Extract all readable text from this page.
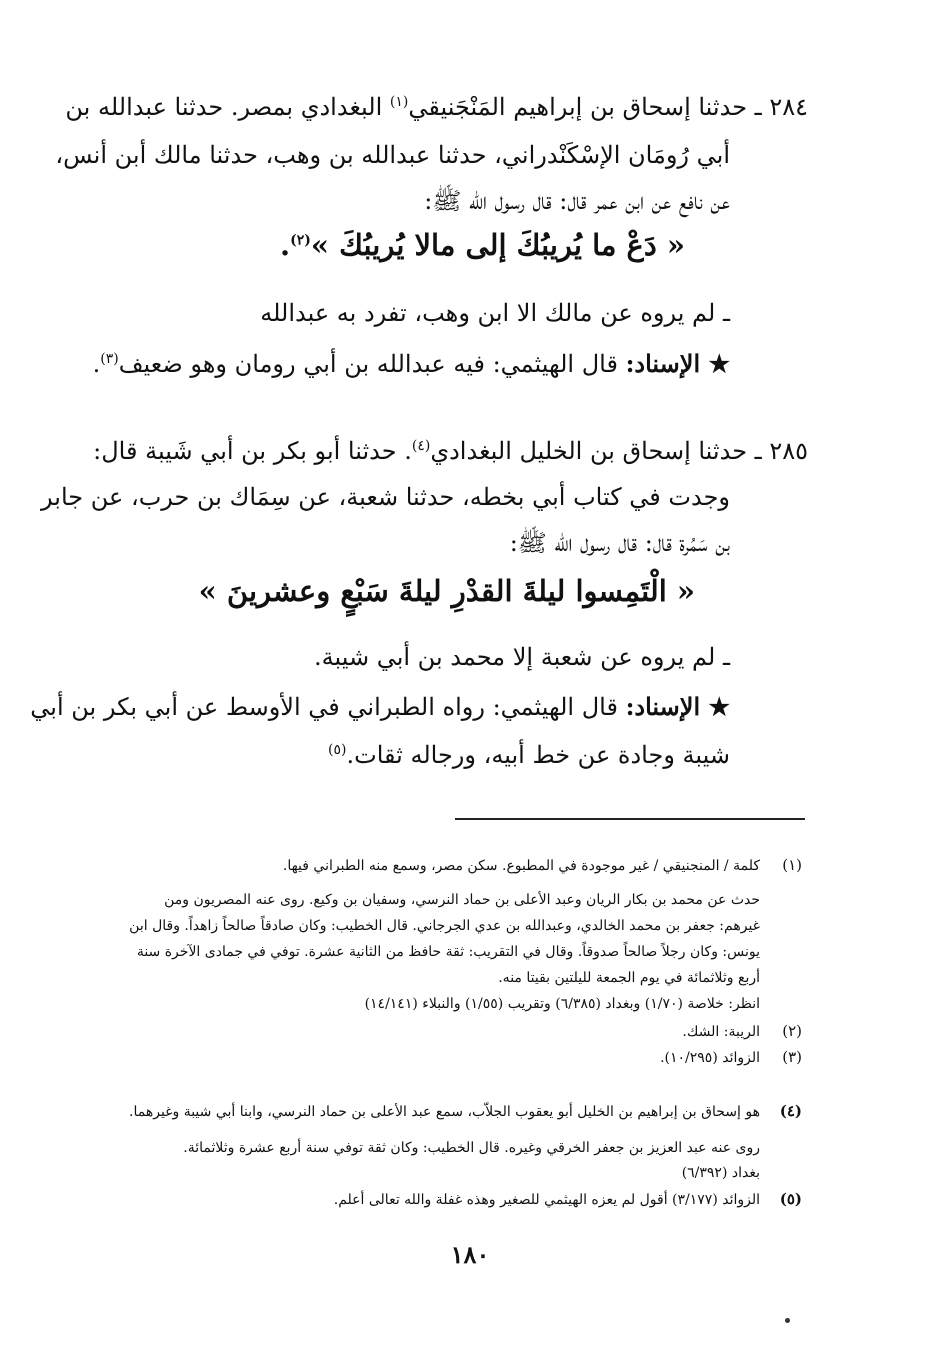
٢٨٤ ـ حدثنا إسحاق بن إبراهيم المَنْجَنيقي$^{(١)}$ البغدادي بمصر. حدثنا عبدالله بن
أبي رُومَان الإسْكَنْدراني، حدثنا عبدالله بن وهب، حدثنا مالك أبن أنس،
عن نافع عن ابن عمر قال: قال رسول الله ﷺ:
« دَعْ ما يُريبُكَ إلى مالا يُريبُكَ »$^{(٢)}$.
ـ لم يروه عن مالك الا ابن وهب، تفرد به عبدالله
★ الإسناد: قال الهيثمي: فيه عبدالله بن أبي رومان وهو ضعيف$^{(٣)}$.
٢٨٥ ـ حدثنا إسحاق بن الخليل البغدادي$^{(٤)}$. حدثنا أبو بكر بن أبي شَيبة قال:
وجدت في كتاب أبي بخطه، حدثنا شعبة، عن سِمَاك بن حرب، عن جابر
بن سَمُرة قال: قال رسول الله ﷺ:
« الْتَمِسوا ليلةَ القدْرِ ليلةَ سَبْعٍ وعشرينَ »
ـ لم يروه عن شعبة إلا محمد بن أبي شيبة.
★ الإسناد: قال الهيثمي: رواه الطبراني في الأوسط عن أبي بكر بن أبي
شيبة وجادة عن خط أبيه، ورجاله ثقات.$^{(٥)}$
(١)
كلمة / المنجنيقي / غير موجودة في المطبوع. سكن مصر، وسمع منه الطبراني فيها.
حدث عن محمد بن بكار الريان وعبد الأعلى بن حماد النرسي، وسفيان بن وكيع. روى عنه المصريون ومن
غيرهم: جعفر بن محمد الخالدي، وعبدالله بن عدي الجرجاني. قال الخطيب: وكان صادقاً صالحاً زاهداً. وقال ابن
يونس: وكان رجلاً صالحاً صدوقاً. وقال في التقريب: ثقة حافظ من الثانية عشرة. توفي في جمادى الآخرة سنة
أربع وثلاثمائة في يوم الجمعة لليلتين بقيتا منه.
انظر: خلاصة (١/٧٠) وبغداد (٦/٣٨٥) وتقريب (١/٥٥) والنبلاء (١٤/١٤١)
(٢)
الريبة: الشك.
(٣)
الزوائد (١٠/٢٩٥).
(٤)
هو إسحاق بن إبراهيم بن الخليل أبو يعقوب الجلاّب، سمع عبد الأعلى بن حماد النرسي، وابنا أبي شيبة وغيرهما.
روى عنه عبد العزيز بن جعفر الخرقي وغيره. قال الخطيب: وكان ثقة توفي سنة أربع عشرة وثلاثمائة.
بغداد (٦/٣٩٢)
(٥)
الزوائد (٣/١٧٧) أقول لم يعزه الهيثمي للصغير وهذه غفلة والله تعالى أعلم.
١٨٠
